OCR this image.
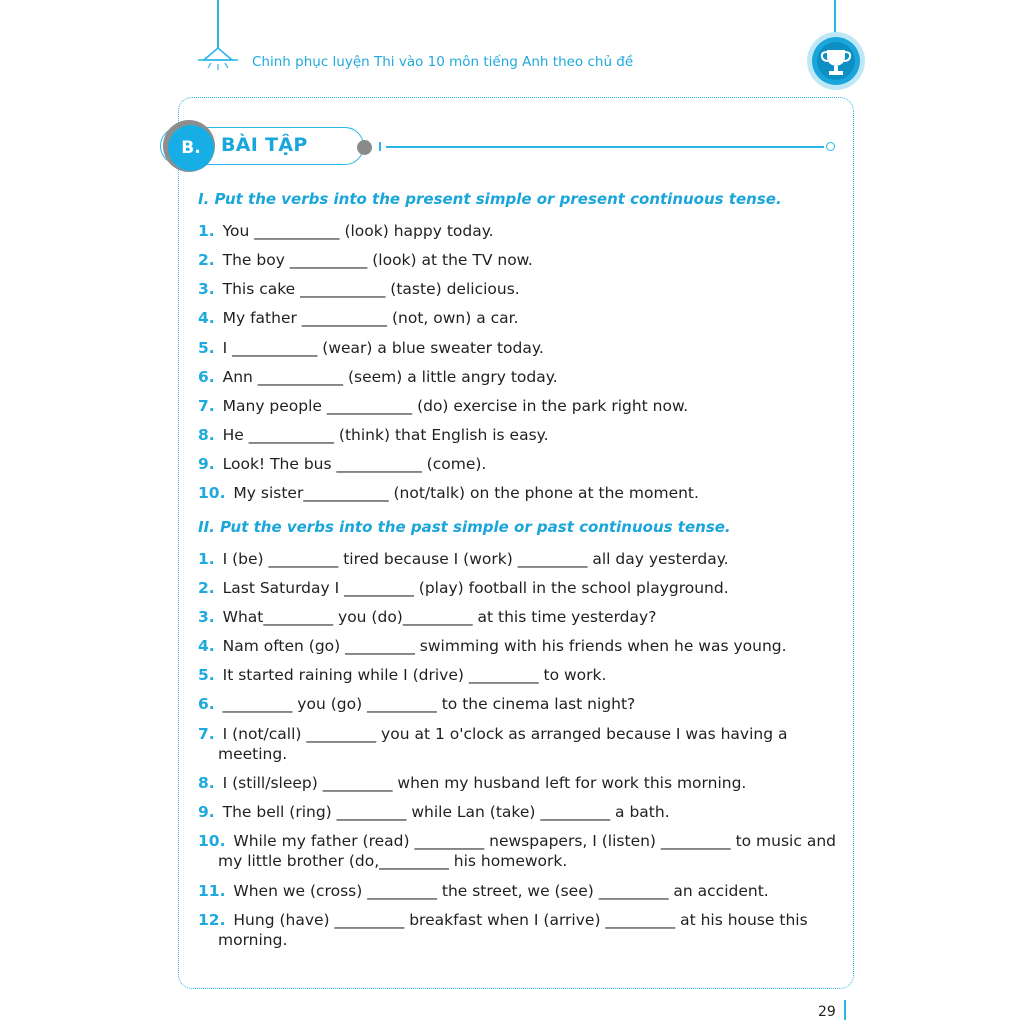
Chinh phục luyện Thi vào 10 môn tiếng Anh theo chủ đề
B.	BÀI TẬP
I. Put the verbs into the present simple or present continuous tense.
1. You ___________ (look) happy today.
2. The boy __________ (look) at the TV now.
3. This cake ___________ (taste) delicious.
4. My father ___________ (not, own) a car.
5. I ___________ (wear) a blue sweater today.
6. Ann ___________ (seem) a little angry today.
7. Many people ___________ (do) exercise in the park right now.
8. He ___________ (think) that English is easy.
9. Look! The bus ___________ (come).
10. My sister___________ (not/talk) on the phone at the moment.
II. Put the verbs into the past simple or past continuous tense.
1. I (be) _________ tired because I (work) _________ all day yesterday.
2. Last Saturday I _________ (play) football in the school playground.
3. What_________ you (do)_________ at this time yesterday?
4. Nam often (go) _________ swimming with his friends when he was young.
5. It started raining while I (drive) _________ to work.
6. _________ you (go) _________ to the cinema last night?
7. I (not/call) _________ you at 1 o'clock as arranged because I was having a
meeting.
8. I (still/sleep) _________ when my husband left for work this morning.
9. The bell (ring) _________ while Lan (take) _________ a bath.
10. While my father (read) _________ newspapers, I (listen) _________ to music and
my little brother (do,_________ his homework.
11. When we (cross) _________ the street, we (see) _________ an accident.
12. Hung (have) _________ breakfast when I (arrive) _________ at his house this
morning.
29
